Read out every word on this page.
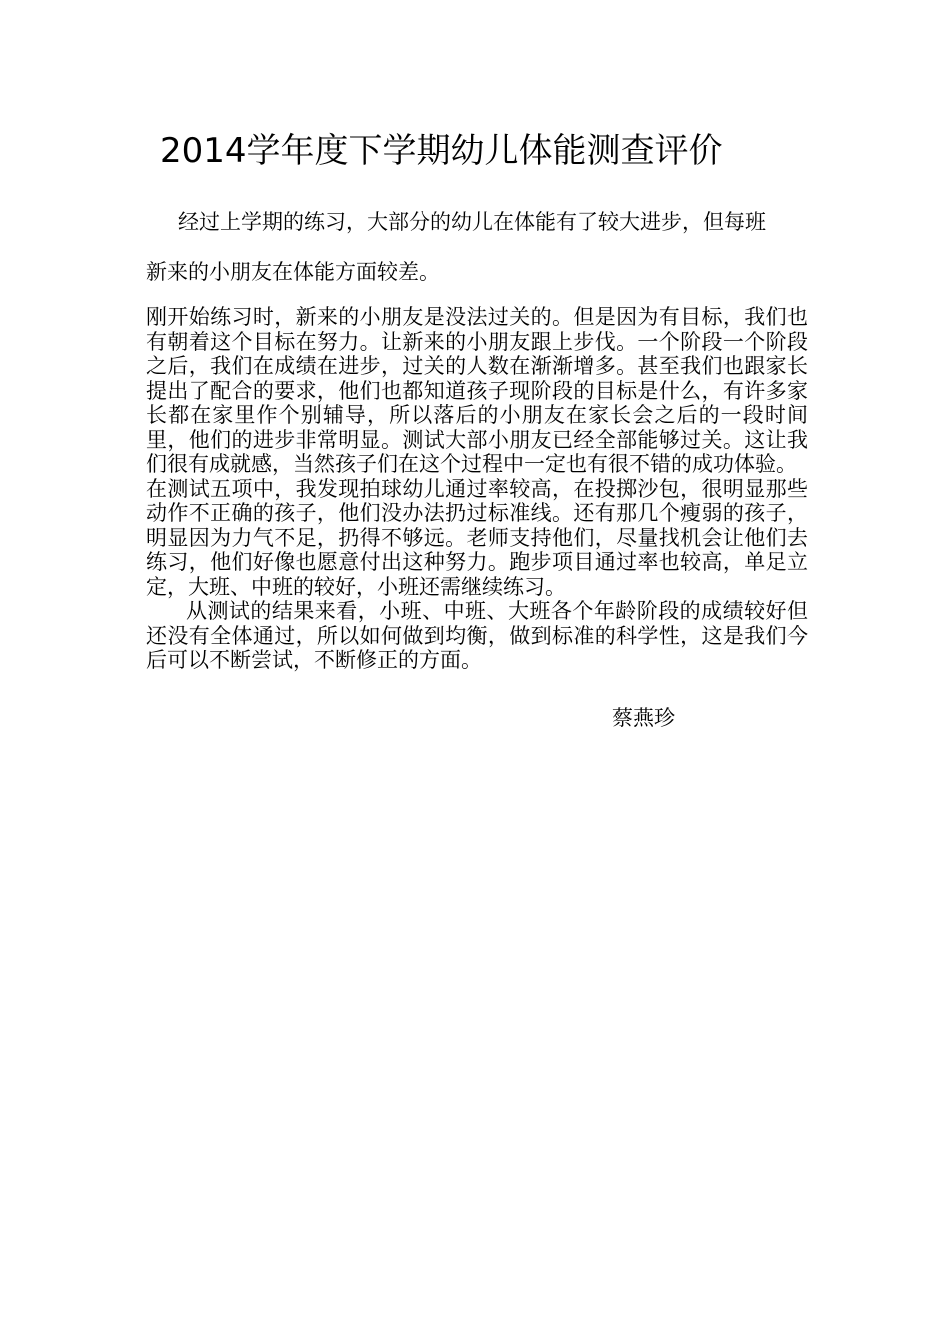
2014学年度下学期幼儿体能测查评价

经过上学期的练习，大部分的幼儿在体能有了较大进步，但每班

新来的小朋友在体能方面较差。

刚开始练习时，新来的小朋友是没法过关的。但是因为有目标，我们也有朝着这个目标在努力。让新来的小朋友跟上步伐。一个阶段一个阶段之后，我们在成绩在进步，过关的人数在渐渐增多。甚至我们也跟家长提出了配合的要求，他们也都知道孩子现阶段的目标是什么，有许多家长都在家里作个别辅导，所以落后的小朋友在家长会之后的一段时间里，他们的进步非常明显。测试大部小朋友已经全部能够过关。这让我们很有成就感，当然孩子们在这个过程中一定也有很不错的成功体验。

在测试五项中，我发现拍球幼儿通过率较高，在投掷沙包，很明显那些动作不正确的孩子，他们没办法扔过标准线。还有那几个瘦弱的孩子，明显因为力气不足，扔得不够远。老师支持他们，尽量找机会让他们去练习，他们好像也愿意付出这种努力。跑步项目通过率也较高，单足立定，大班、中班的较好，小班还需继续练习。

从测试的结果来看，小班、中班、大班各个年龄阶段的成绩较好但还没有全体通过，所以如何做到均衡，做到标准的科学性，这是我们今后可以不断尝试，不断修正的方面。

蔡燕珍
